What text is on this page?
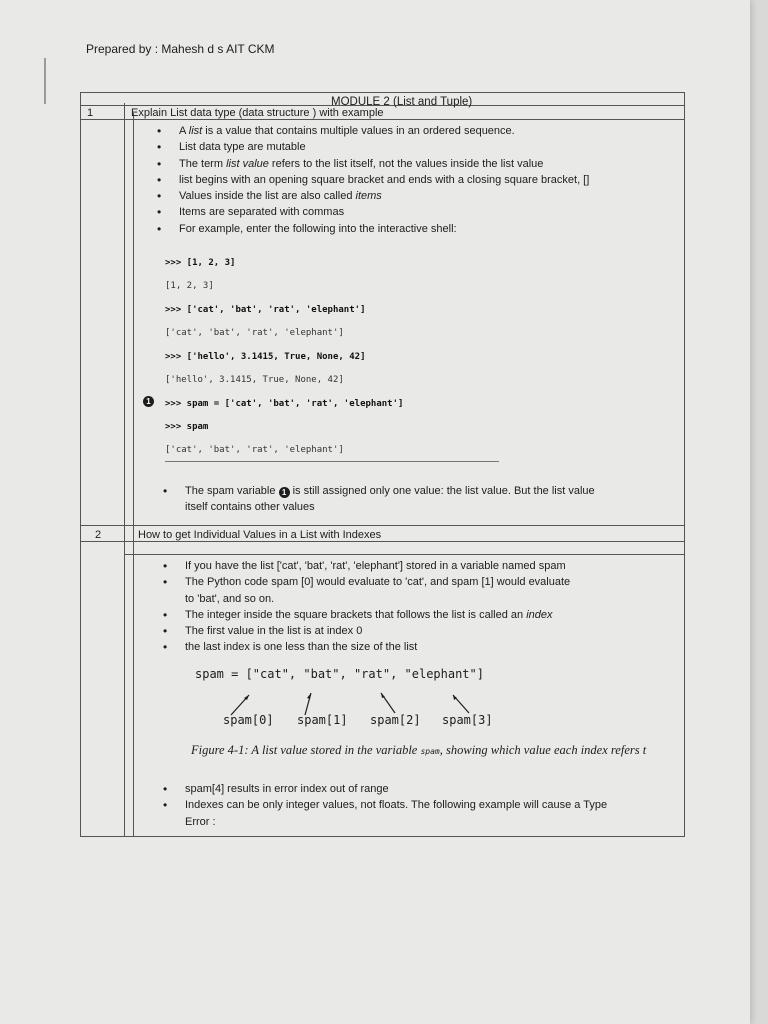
Prepared by : Mahesh d s AIT CKM
MODULE 2 (List and Tuple)
1	Explain List data type (data structure ) with example
• A list is a value that contains multiple values in an ordered sequence.
• List data type are mutable
• The term list value refers to the list itself, not the values inside the list value
• list begins with an opening square bracket and ends with a closing square bracket, []
• Values inside the list are also called items
• Items are separated with commas
• For example, enter the following into the interactive shell:
>>> [1, 2, 3]
[1, 2, 3]
>>> ['cat', 'bat', 'rat', 'elephant']
['cat', 'bat', 'rat', 'elephant']
>>> ['hello', 3.1415, True, None, 42]
['hello', 3.1415, True, None, 42]
>>> spam = ['cat', 'bat', 'rat', 'elephant']
>>> spam
['cat', 'bat', 'rat', 'elephant']
1
• The spam variable 1 is still assigned only one value: the list value. But the list value
itself contains other values
2	How to get Individual Values in a List with Indexes
• If you have the list ['cat', 'bat', 'rat', 'elephant'] stored in a variable named spam
• The Python code spam [0] would evaluate to 'cat', and spam [1] would evaluate
to 'bat', and so on.
• The integer inside the square brackets that follows the list is called an index
• The first value in the list is at index 0
• the last index is one less than the size of the list
spam = ["cat", "bat", "rat", "elephant"]
spam[0] spam[1] spam[2] spam[3]
Figure 4-1: A list value stored in the variable spam, showing which value each index refers t
• spam[4] results in error index out of range
• Indexes can be only integer values, not floats. The following example will cause a Type
Error :
